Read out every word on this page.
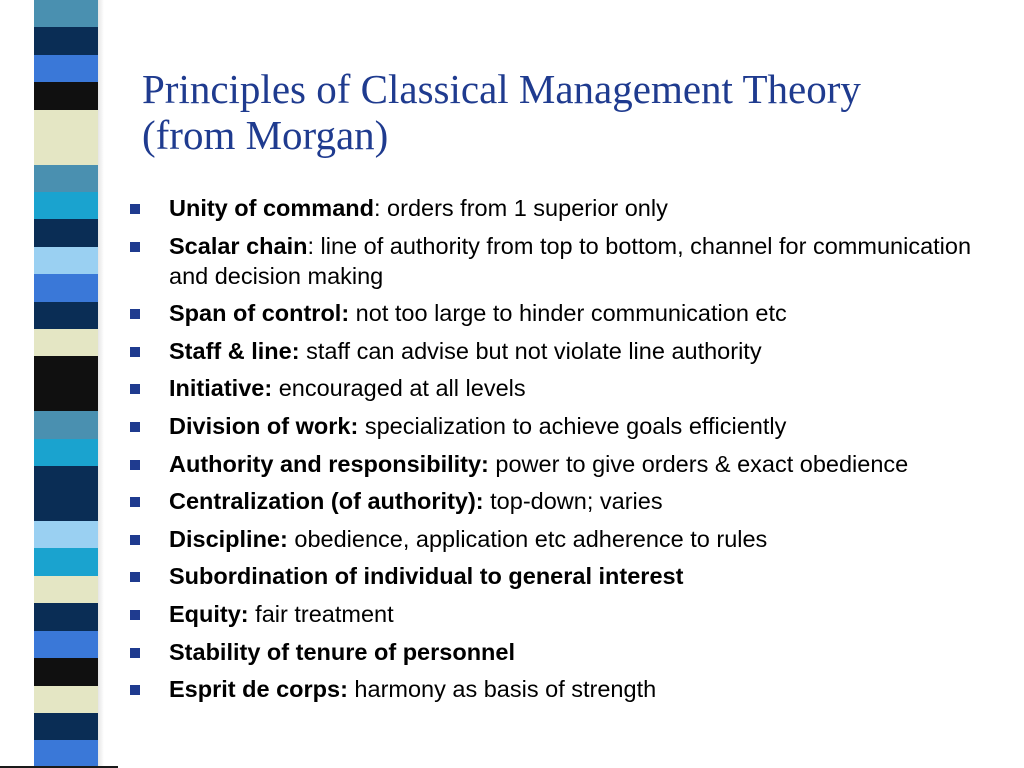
Principles of Classical Management Theory
(from Morgan)
Unity of command: orders from 1 superior only
Scalar chain: line of authority from top to bottom, channel for communication and decision making
Span of control: not too large to hinder communication etc
Staff & line: staff can advise but not violate line authority
Initiative: encouraged at all levels
Division of work: specialization to achieve goals efficiently
Authority and responsibility: power to give orders & exact obedience
Centralization (of authority): top-down; varies
Discipline: obedience, application etc adherence to rules
Subordination of individual to general interest
Equity: fair treatment
Stability of tenure of personnel
Esprit de corps: harmony as basis of strength
